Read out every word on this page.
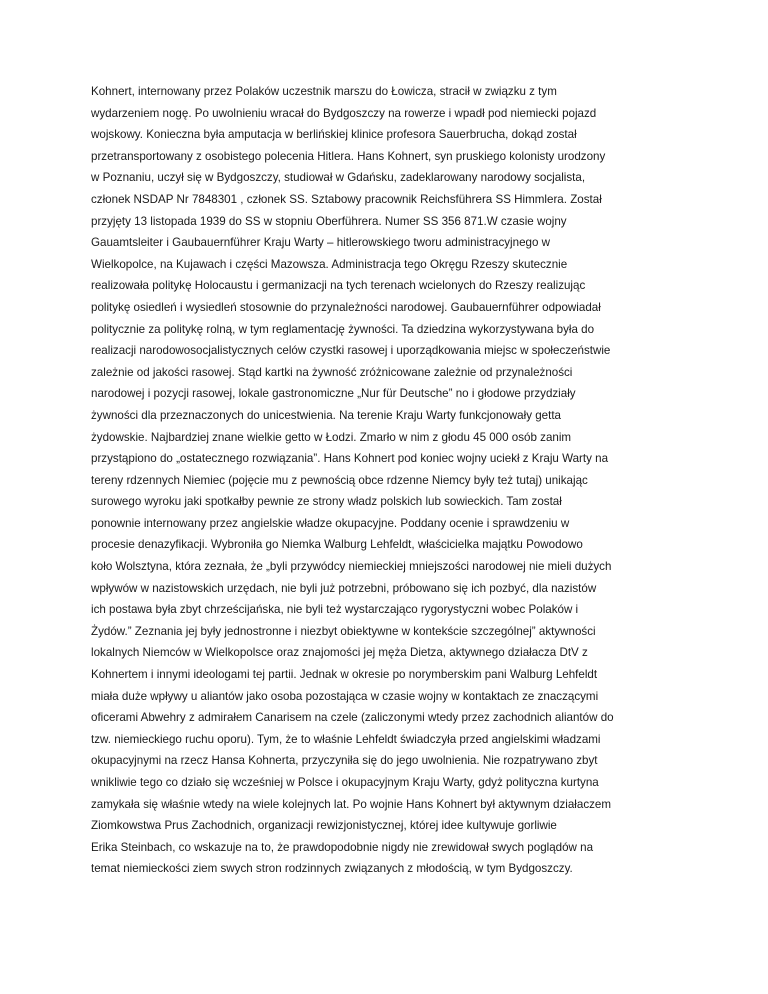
Kohnert, internowany przez Polaków uczestnik marszu do Łowicza, stracił w związku z tym
wydarzeniem nogę. Po uwolnieniu wracał do Bydgoszczy na rowerze i wpadł pod niemiecki pojazd
wojskowy. Konieczna była amputacja w berlińskiej klinice profesora Sauerbrucha, dokąd został
przetransportowany z osobistego polecenia Hitlera. Hans Kohnert, syn pruskiego kolonisty urodzony
w Poznaniu, uczył się w Bydgoszczy, studiował w Gdańsku, zadeklarowany narodowy socjalista,
członek NSDAP Nr 7848301 , członek SS. Sztabowy pracownik Reichsführera SS Himmlera. Został
przyjęty 13 listopada 1939 do SS w stopniu Oberführera. Numer SS 356 871.W czasie wojny
Gauamtsleiter i Gaubauernführer Kraju Warty – hitlerowskiego tworu administracyjnego w
Wielkopolce, na Kujawach i części Mazowsza. Administracja tego Okręgu Rzeszy skutecznie
realizowała politykę Holocaustu i germanizacji na tych terenach wcielonych do Rzeszy realizując
politykę osiedleń i wysiedleń stosownie do przynależności narodowej. Gaubauernführer odpowiadał
politycznie za politykę rolną, w tym reglamentację żywności. Ta dziedzina wykorzystywana była do
realizacji narodowosocjalistycznych celów czystki rasowej i uporządkowania miejsc w społeczeństwie
zależnie od jakości rasowej. Stąd kartki na żywność zróżnicowane zależnie od przynależności
narodowej i pozycji rasowej, lokale gastronomiczne „Nur für Deutsche” no i głodowe przydziały
żywności dla przeznaczonych do unicestwienia. Na terenie Kraju Warty funkcjonowały getta
żydowskie. Najbardziej znane wielkie getto w Łodzi. Zmarło w nim z głodu 45 000 osób zanim
przystąpiono do „ostatecznego rozwiązania”. Hans Kohnert pod koniec wojny uciekł z Kraju Warty na
tereny rdzennych Niemiec (pojęcie mu z pewnością obce rdzenne Niemcy były też tutaj) unikając
surowego wyroku jaki spotkałby pewnie ze strony władz polskich lub sowieckich. Tam został
ponownie internowany przez angielskie władze okupacyjne. Poddany ocenie i sprawdzeniu w
procesie denazyfikacji. Wybroniła go Niemka Walburg Lehfeldt, właścicielka majątku Powodowo
koło Wolsztyna, która zeznała, że „byli przywódcy niemieckiej mniejszości narodowej nie mieli dużych
wpływów w nazistowskich urzędach, nie byli już potrzebni, próbowano się ich pozbyć, dla nazistów
ich postawa była zbyt chrześcijańska, nie byli też wystarczająco rygorystyczni wobec Polaków i
Żydów.” Zeznania jej były jednostronne i niezbyt obiektywne w kontekście szczególnej” aktywności
lokalnych Niemców w Wielkopolsce oraz znajomości jej męża Dietza, aktywnego działacza DtV z
Kohnertem i innymi ideologami tej partii. Jednak w okresie po norymberskim pani Walburg Lehfeldt
miała duże wpływy u aliantów jako osoba pozostająca w czasie wojny w kontaktach ze znaczącymi
oficerami Abwehry z admirałem Canarisem na czele (zaliczonymi wtedy przez zachodnich aliantów do
tzw. niemieckiego ruchu oporu). Tym, że to właśnie Lehfeldt świadczyła przed angielskimi władzami
okupacyjnymi na rzecz Hansa Kohnerta, przyczyniła się do jego uwolnienia. Nie rozpatrywano zbyt
wnikliwie tego co działo się wcześniej w Polsce i okupacyjnym Kraju Warty, gdyż polityczna kurtyna
zamykała się właśnie wtedy na wiele kolejnych lat. Po wojnie Hans Kohnert był aktywnym działaczem
Ziomkowstwa Prus Zachodnich, organizacji rewizjonistycznej, której idee kultywuje gorliwie
Erika Steinbach, co wskazuje na to, że prawdopodobnie nigdy nie zrewidował swych poglądów na
temat niemieckości ziem swych stron rodzinnych związanych z młodością, w tym Bydgoszczy.
